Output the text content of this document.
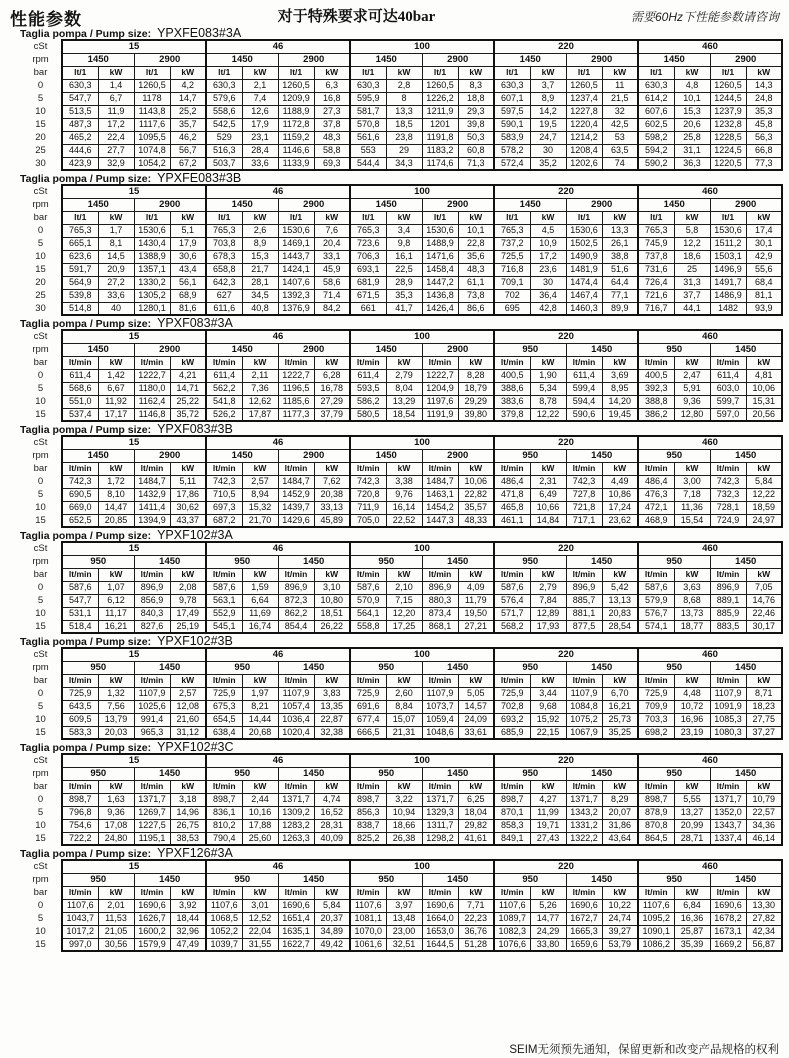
性能参数	对于特殊要求可达40bar	需要60Hz下性能参数请咨询
Taglia pompa / Pump size: YPXFE083#3A
cSt	15				46				100				220				460			
rpm	1450		2900		1450		2900		1450		2900		1450		2900		1450		2900	
bar	lt/1	kW	lt/1	kW	lt/1	kW	lt/1	kW	lt/1	kW	lt/1	kW	lt/1	kW	lt/1	kW	lt/1	kW	lt/1	kW
0	630,3	1,4	1260,5	4,2	630,3	2,1	1260,5	6,3	630,3	2,8	1260,5	8,3	630,3	3,7	1260,5	11	630,3	4,8	1260,5	14,3
5	547,7	6,7	1178	14,7	579,6	7,4	1209,9	16,8	595,9	8	1226,2	18,8	607,1	8,9	1237,4	21,5	614,2	10,1	1244,5	24,8
10	513,5	11,9	1143,8	25,2	558,6	12,6	1188,9	27,3	581,7	13,3	1211,9	29,3	597,5	14,2	1227,8	32	607,6	15,3	1237,9	35,3
15	487,3	17,2	1117,6	35,7	542,5	17,9	1172,8	37,8	570,8	18,5	1201	39,8	590,1	19,5	1220,4	42,5	602,5	20,6	1232,8	45,8
20	465,2	22,4	1095,5	46,2	529	23,1	1159,2	48,3	561,6	23,8	1191,8	50,3	583,9	24,7	1214,2	53	598,2	25,8	1228,5	56,3
25	444,6	27,7	1074,8	56,7	516,3	28,4	1146,6	58,8	553	29	1183,2	60,8	578,2	30	1208,4	63,5	594,2	31,1	1224,5	66,8
30	423,9	32,9	1054,2	67,2	503,7	33,6	1133,9	69,3	544,4	34,3	1174,6	71,3	572,4	35,2	1202,6	74	590,2	36,3	1220,5	77,3
Taglia pompa / Pump size: YPXFE083#3B
cSt	15				46				100				220				460			
rpm	1450		2900		1450		2900		1450		2900		1450		2900		1450		2900	
bar	lt/1	kW	lt/1	kW	lt/1	kW	lt/1	kW	lt/1	kW	lt/1	kW	lt/1	kW	lt/1	kW	lt/1	kW	lt/1	kW
0	765,3	1,7	1530,6	5,1	765,3	2,6	1530,6	7,6	765,3	3,4	1530,6	10,1	765,3	4,5	1530,6	13,3	765,3	5,8	1530,6	17,4
5	665,1	8,1	1430,4	17,9	703,8	8,9	1469,1	20,4	723,6	9,8	1488,9	22,8	737,2	10,9	1502,5	26,1	745,9	12,2	1511,2	30,1
10	623,6	14,5	1388,9	30,6	678,3	15,3	1443,7	33,1	706,3	16,1	1471,6	35,6	725,5	17,2	1490,9	38,8	737,8	18,6	1503,1	42,9
15	591,7	20,9	1357,1	43,4	658,8	21,7	1424,1	45,9	693,1	22,5	1458,4	48,3	716,8	23,6	1481,9	51,6	731,6	25	1496,9	55,6
20	564,9	27,2	1330,2	56,1	642,3	28,1	1407,6	58,6	681,9	28,9	1447,2	61,1	709,1	30	1474,4	64,4	726,4	31,3	1491,7	68,4
25	539,8	33,6	1305,2	68,9	627	34,5	1392,3	71,4	671,5	35,3	1436,8	73,8	702	36,4	1467,4	77,1	721,6	37,7	1486,9	81,1
30	514,8	40	1280,1	81,6	611,6	40,8	1376,9	84,2	661	41,7	1426,4	86,6	695	42,8	1460,3	89,9	716,7	44,1	1482	93,9
Taglia pompa / Pump size: YPXF083#3A
cSt	15				46				100				220				460			
rpm	1450		2900		1450		2900		1450		2900		950		1450		950		1450	
bar	lt/min	kW	lt/min	kW	lt/min	kW	lt/min	kW	lt/min	kW	lt/min	kW	lt/min	kW	lt/min	kW	lt/min	kW	lt/min	kW
0	611,4	1,42	1222,7	4,21	611,4	2,11	1222,7	6,28	611,4	2,79	1222,7	8,28	400,5	1,90	611,4	3,69	400,5	2,47	611,4	4,81
5	568,6	6,67	1180,0	14,71	562,2	7,36	1196,5	16,78	593,5	8,04	1204,9	18,79	388,6	5,34	599,4	8,95	392,3	5,91	603,0	10,06
10	551,0	11,92	1162,4	25,22	541,8	12,62	1185,6	27,29	586,2	13,29	1197,6	29,29	383,6	8,78	594,4	14,20	388,8	9,36	599,7	15,31
15	537,4	17,17	1146,8	35,72	526,2	17,87	1177,3	37,79	580,5	18,54	1191,9	39,80	379,8	12,22	590,6	19,45	386,2	12,80	597,0	20,56
Taglia pompa / Pump size: YPXF083#3B
cSt	15				46				100				220				460			
rpm	1450		2900		1450		2900		1450		2900		950		1450		950		1450	
bar	lt/min	kW	lt/min	kW	lt/min	kW	lt/min	kW	lt/min	kW	lt/min	kW	lt/min	kW	lt/min	kW	lt/min	kW	lt/min	kW
0	742,3	1,72	1484,7	5,11	742,3	2,57	1484,7	7,62	742,3	3,38	1484,7	10,06	486,4	2,31	742,3	4,49	486,4	3,00	742,3	5,84
5	690,5	8,10	1432,9	17,86	710,5	8,94	1452,9	20,38	720,8	9,76	1463,1	22,82	471,8	6,49	727,8	10,86	476,3	7,18	732,3	12,22
10	669,0	14,47	1411,4	30,62	697,3	15,32	1439,7	33,13	711,9	16,14	1454,2	35,57	465,8	10,66	721,8	17,24	472,1	11,36	728,1	18,59
15	652,5	20,85	1394,9	43,37	687,2	21,70	1429,6	45,89	705,0	22,52	1447,3	48,33	461,1	14,84	717,1	23,62	468,9	15,54	724,9	24,97
Taglia pompa / Pump size: YPXF102#3A
cSt	15				46				100				220				460			
rpm	950		1450		950		1450		950		1450		950		1450		950		1450	
bar	lt/min	kW	lt/min	kW	lt/min	kW	lt/min	kW	lt/min	kW	lt/min	kW	lt/min	kW	lt/min	kW	lt/min	kW	lt/min	kW
0	587,6	1,07	896,9	2,08	587,6	1,59	896,9	3,10	587,6	2,10	896,9	4,09	587,6	2,79	896,9	5,42	587,6	3,63	896,9	7,05
5	547,7	6,12	856,9	9,78	563,1	6,64	872,3	10,80	570,9	7,15	880,3	11,79	576,4	7,84	885,7	13,13	579,9	8,68	889,1	14,76
10	531,1	11,17	840,3	17,49	552,9	11,69	862,2	18,51	564,1	12,20	873,4	19,50	571,7	12,89	881,1	20,83	576,7	13,73	885,9	22,46
15	518,4	16,21	827,6	25,19	545,1	16,74	854,4	26,22	558,8	17,25	868,1	27,21	568,2	17,93	877,5	28,54	574,1	18,77	883,5	30,17
Taglia pompa / Pump size: YPXF102#3B
cSt	15				46				100				220				460			
rpm	950		1450		950		1450		950		1450		950		1450		950		1450	
bar	lt/min	kW	lt/min	kW	lt/min	kW	lt/min	kW	lt/min	kW	lt/min	kW	lt/min	kW	lt/min	kW	lt/min	kW	lt/min	kW
0	725,9	1,32	1107,9	2,57	725,9	1,97	1107,9	3,83	725,9	2,60	1107,9	5,05	725,9	3,44	1107,9	6,70	725,9	4,48	1107,9	8,71
5	643,5	7,56	1025,6	12,08	675,3	8,21	1057,4	13,35	691,6	8,84	1073,7	14,57	702,8	9,68	1084,8	16,21	709,9	10,72	1091,9	18,23
10	609,5	13,79	991,4	21,60	654,5	14,44	1036,4	22,87	677,4	15,07	1059,4	24,09	693,2	15,92	1075,2	25,73	703,3	16,96	1085,3	27,75
15	583,3	20,03	965,3	31,12	638,4	20,68	1020,4	32,38	666,5	21,31	1048,6	33,61	685,9	22,15	1067,9	35,25	698,2	23,19	1080,3	37,27
Taglia pompa / Pump size: YPXF102#3C
cSt	15				46				100				220				460			
rpm	950		1450		950		1450		950		1450		950		1450		950		1450	
bar	lt/min	kW	lt/min	kW	lt/min	kW	lt/min	kW	lt/min	kW	lt/min	kW	lt/min	kW	lt/min	kW	lt/min	kW	lt/min	kW
0	898,7	1,63	1371,7	3,18	898,7	2,44	1371,7	4,74	898,7	3,22	1371,7	6,25	898,7	4,27	1371,7	8,29	898,7	5,55	1371,7	10,79
5	796,8	9,36	1269,7	14,96	836,1	10,16	1309,2	16,52	856,3	10,94	1329,3	18,04	870,1	11,99	1343,2	20,07	878,9	13,27	1352,0	22,57
10	754,6	17,08	1227,5	26,75	810,2	17,88	1283,2	28,31	838,7	18,66	1311,7	29,82	858,3	19,71	1331,2	31,86	870,8	20,99	1343,7	34,36
15	722,2	24,80	1195,1	38,53	790,4	25,60	1263,3	40,09	825,2	26,38	1298,2	41,61	849,1	27,43	1322,2	43,64	864,5	28,71	1337,4	46,14
Taglia pompa / Pump size: YPXF126#3A
cSt	15				46				100				220				460			
rpm	950		1450		950		1450		950		1450		950		1450		950		1450	
bar	lt/min	kW	lt/min	kW	lt/min	kW	lt/min	kW	lt/min	kW	lt/min	kW	lt/min	kW	lt/min	kW	lt/min	kW	lt/min	kW
0	1107,6	2,01	1690,6	3,92	1107,6	3,01	1690,6	5,84	1107,6	3,97	1690,6	7,71	1107,6	5,26	1690,6	10,22	1107,6	6,84	1690,6	13,30
5	1043,7	11,53	1626,7	18,44	1068,5	12,52	1651,4	20,37	1081,1	13,48	1664,0	22,23	1089,7	14,77	1672,7	24,74	1095,2	16,36	1678,2	27,82
10	1017,2	21,05	1600,2	32,96	1052,2	22,04	1635,1	34,89	1070,0	23,00	1653,0	36,76	1082,3	24,29	1665,3	39,27	1090,1	25,87	1673,1	42,34
15	997,0	30,56	1579,9	47,49	1039,7	31,55	1622,7	49,42	1061,6	32,51	1644,5	51,28	1076,6	33,80	1659,6	53,79	1086,2	35,39	1669,2	56,87
SEIM无须预先通知，保留更新和改变产品规格的权利
